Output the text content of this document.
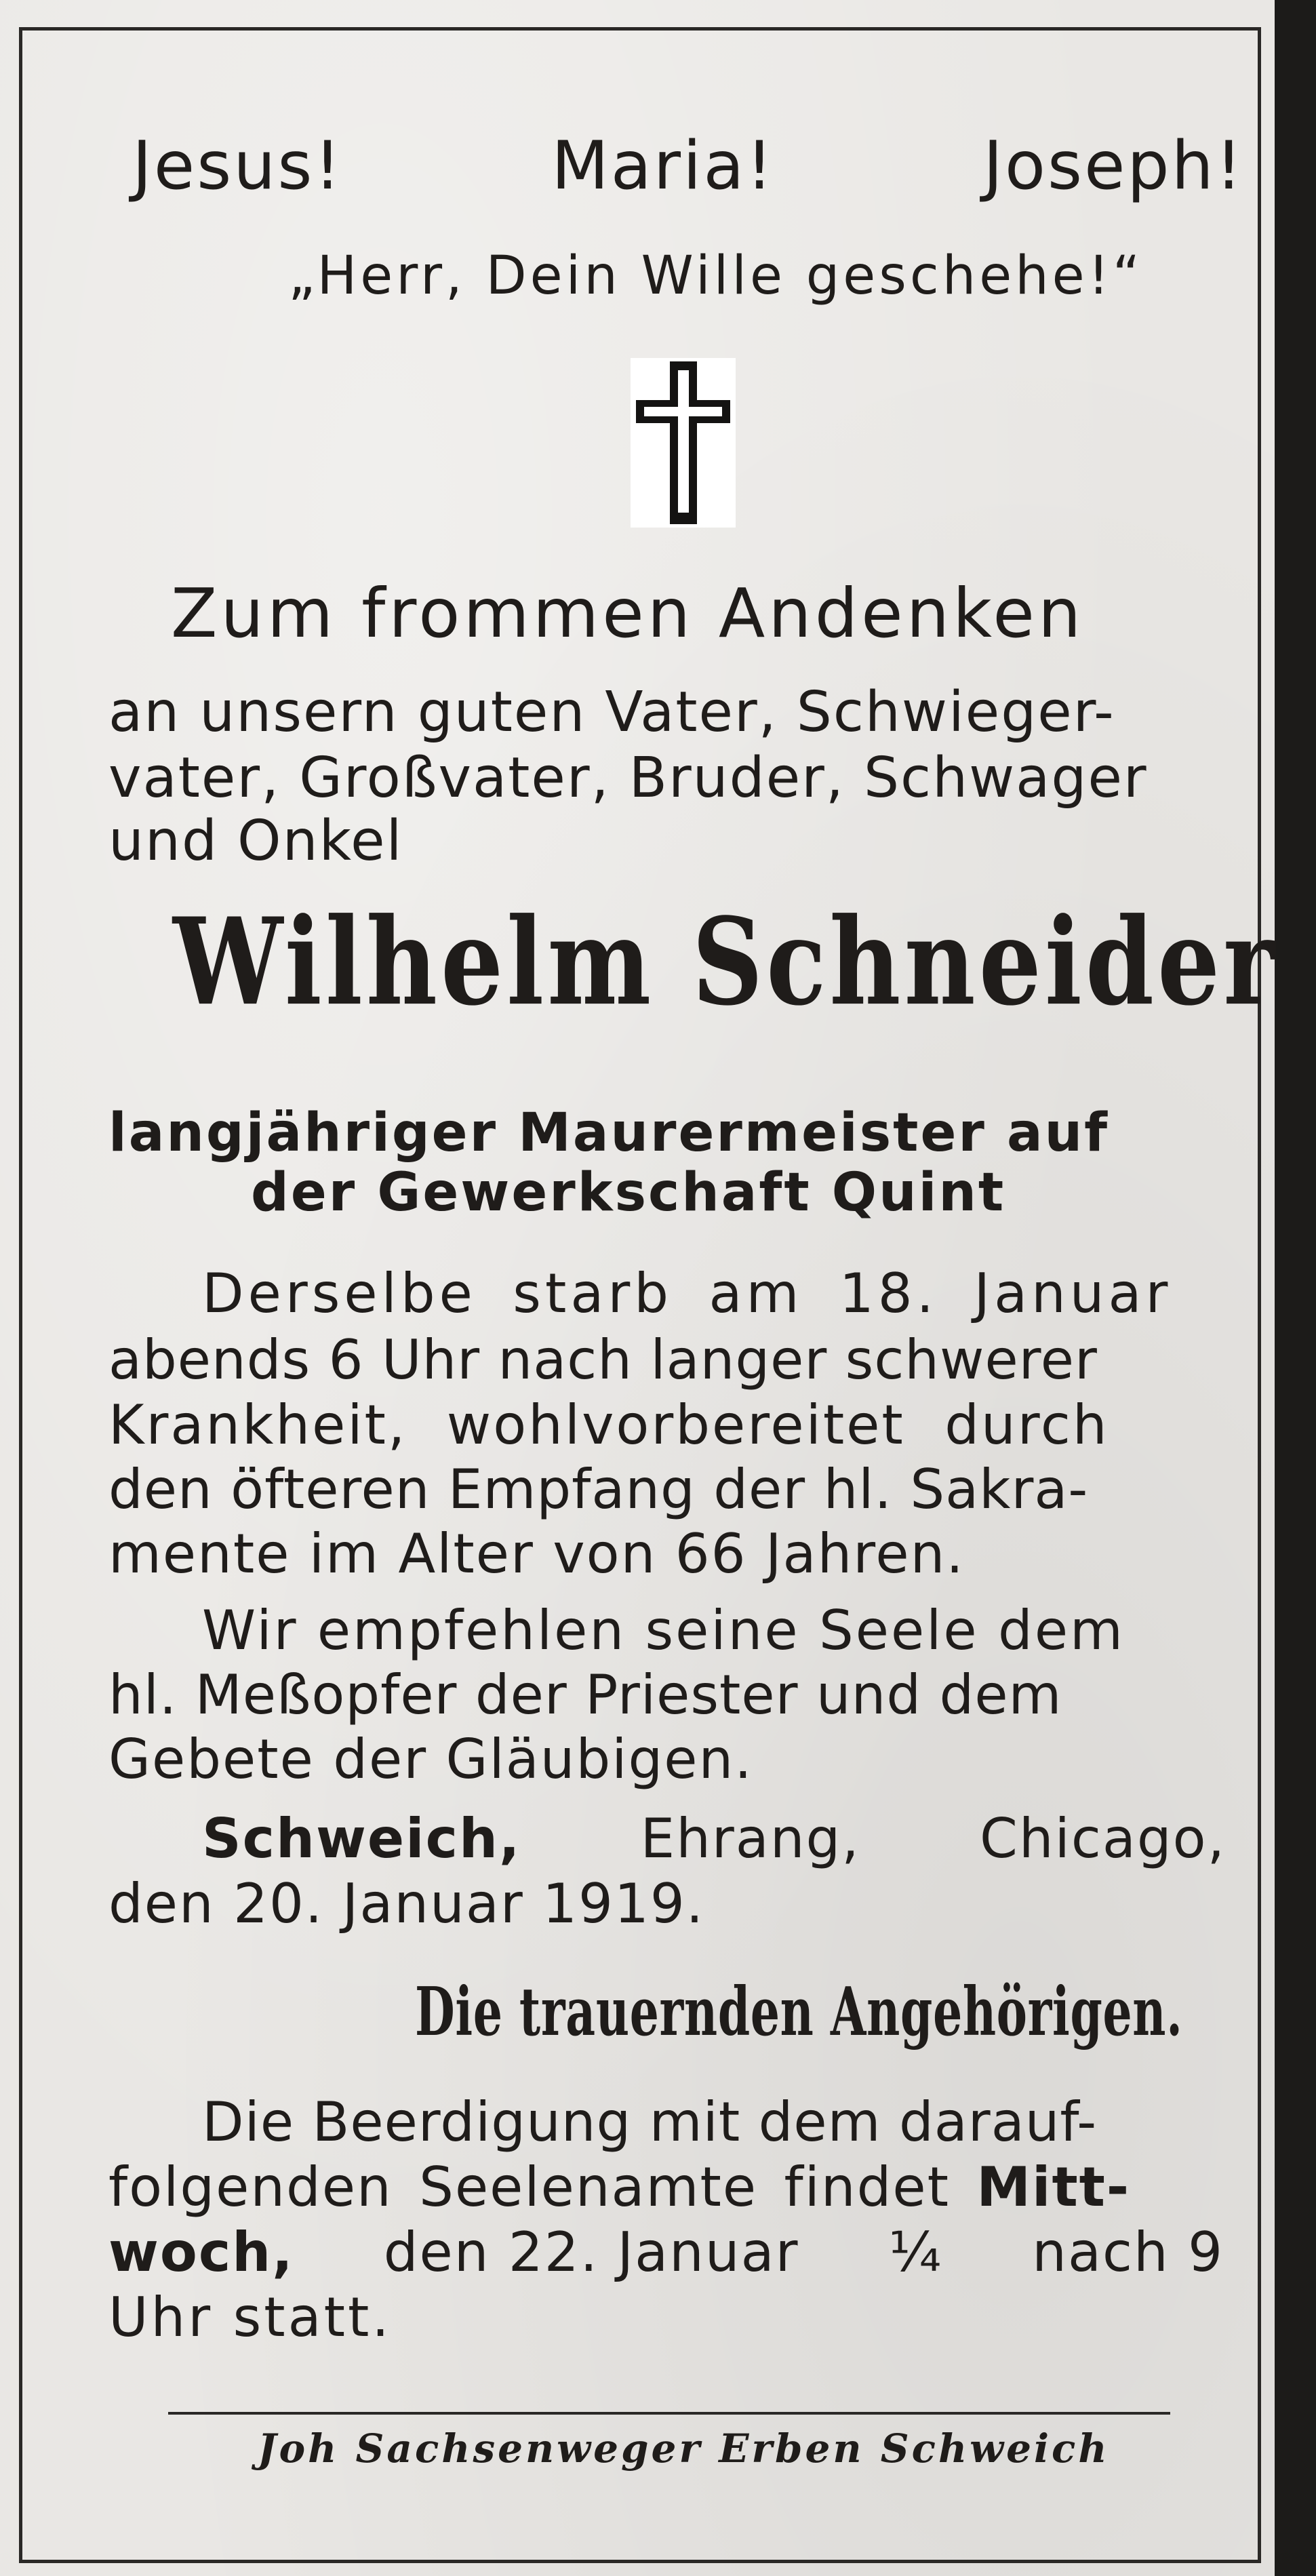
Jesus!	Maria!	Joseph!
„Herr, Dein Wille geschehe!“
Zum frommen Andenken
an unsern guten Vater, Schwieger-
vater, Großvater, Bruder, Schwager
und Onkel
Wilhelm Schneider
langjähriger Maurermeister auf
der Gewerkschaft Quint
Derselbe starb am 18. Januar
abends 6 Uhr nach langer schwerer
Krankheit, wohlvorbereitet durch
den öfteren Empfang der hl. Sakra-
mente im Alter von 66 Jahren.
Wir empfehlen seine Seele dem
hl. Meßopfer der Priester und dem
Gebete der Gläubigen.
Schweich, Ehrang, Chicago,
den 20. Januar 1919.
Die trauernden Angehörigen.
Die Beerdigung mit dem darauf-
folgenden Seelenamte findet Mitt-
woch, den 22. Januar ¼ nach 9
Uhr statt.
Joh Sachsenweger Erben Schweich
